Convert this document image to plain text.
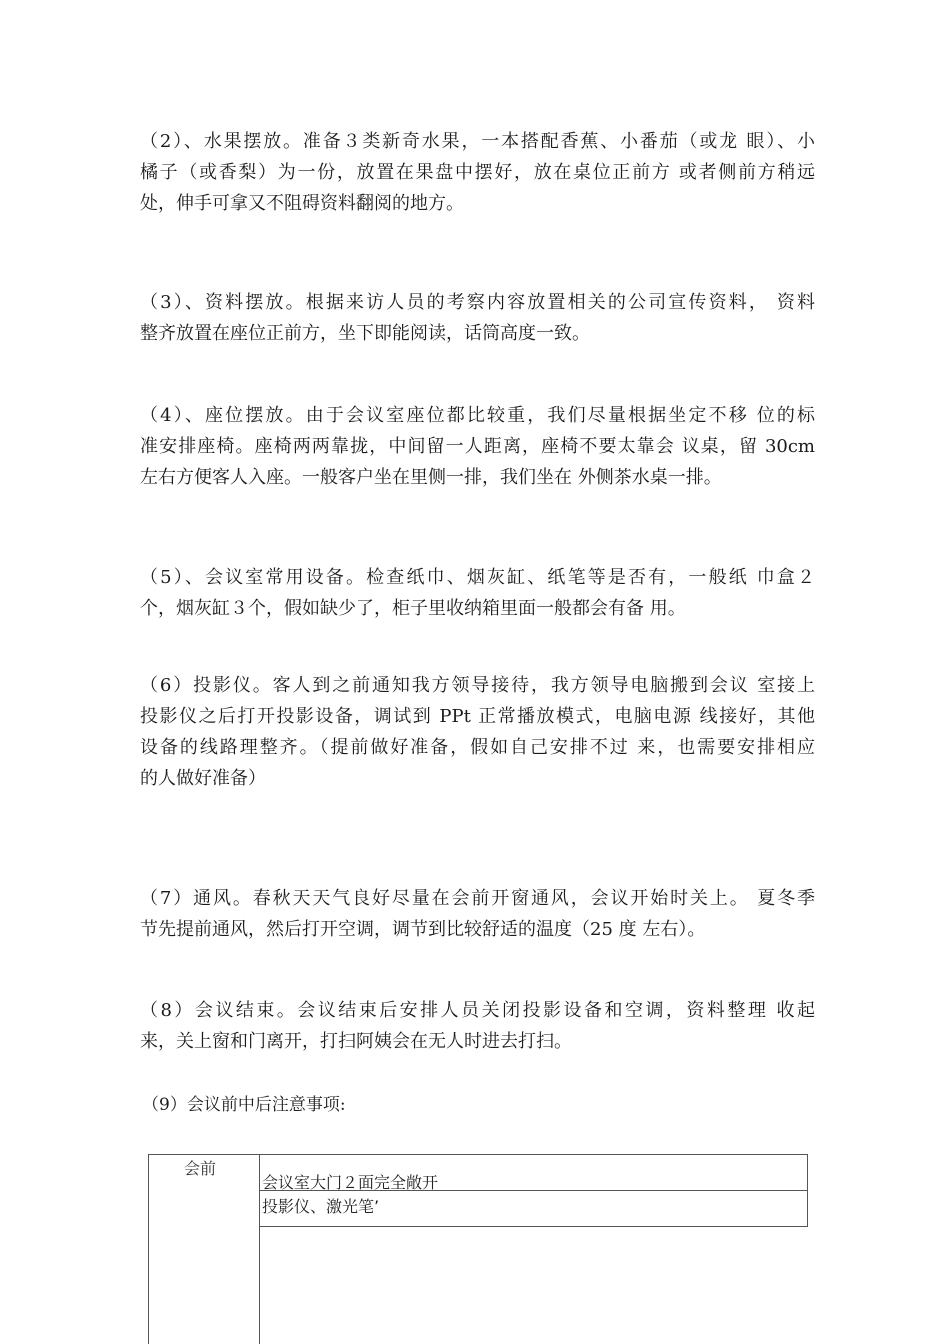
（2）、水果摆放。准备３类新奇水果，一本搭配香蕉、小番茄（或龙 眼）、小
橘子（或香梨）为一份，放置在果盘中摆好，放在桌位正前方 或者侧前方稍远
处，伸手可拿又不阻碍资料翻阅的地方。

（3）、资料摆放。根据来访人员的考察内容放置相关的公司宣传资料， 资料
整齐放置在座位正前方，坐下即能阅读，话筒高度一致。

（4）、座位摆放。由于会议室座位都比较重，我们尽量根据坐定不移 位的标
准安排座椅。座椅两两靠拢，中间留一人距离，座椅不要太靠会 议桌，留 30cm
左右方便客人入座。一般客户坐在里侧一排，我们坐在 外侧茶水桌一排。

（5）、会议室常用设备。检查纸巾、烟灰缸、纸笔等是否有，一般纸 巾盒２
个，烟灰缸３个，假如缺少了，柜子里收纳箱里面一般都会有备 用。

（6）投影仪。客人到之前通知我方领导接待，我方领导电脑搬到会议 室接上
投影仪之后打开投影设备，调试到 PPt 正常播放模式，电脑电源 线接好，其他
设备的线路理整齐。（提前做好准备，假如自己安排不过 来，也需要安排相应
的人做好准备）

（7）通风。春秋天天气良好尽量在会前开窗通风，会议开始时关上。 夏冬季
节先提前通风，然后打开空调，调节到比较舒适的温度（25 度 左右）。

（8）会议结束。会议结束后安排人员关闭投影设备和空调，资料整理 收起
来，关上窗和门离开，打扫阿姨会在无人时进去打扫。

（9）会议前中后注意事项:
会前
会议室大门２面完全敞开
投影仪、激光笔’
